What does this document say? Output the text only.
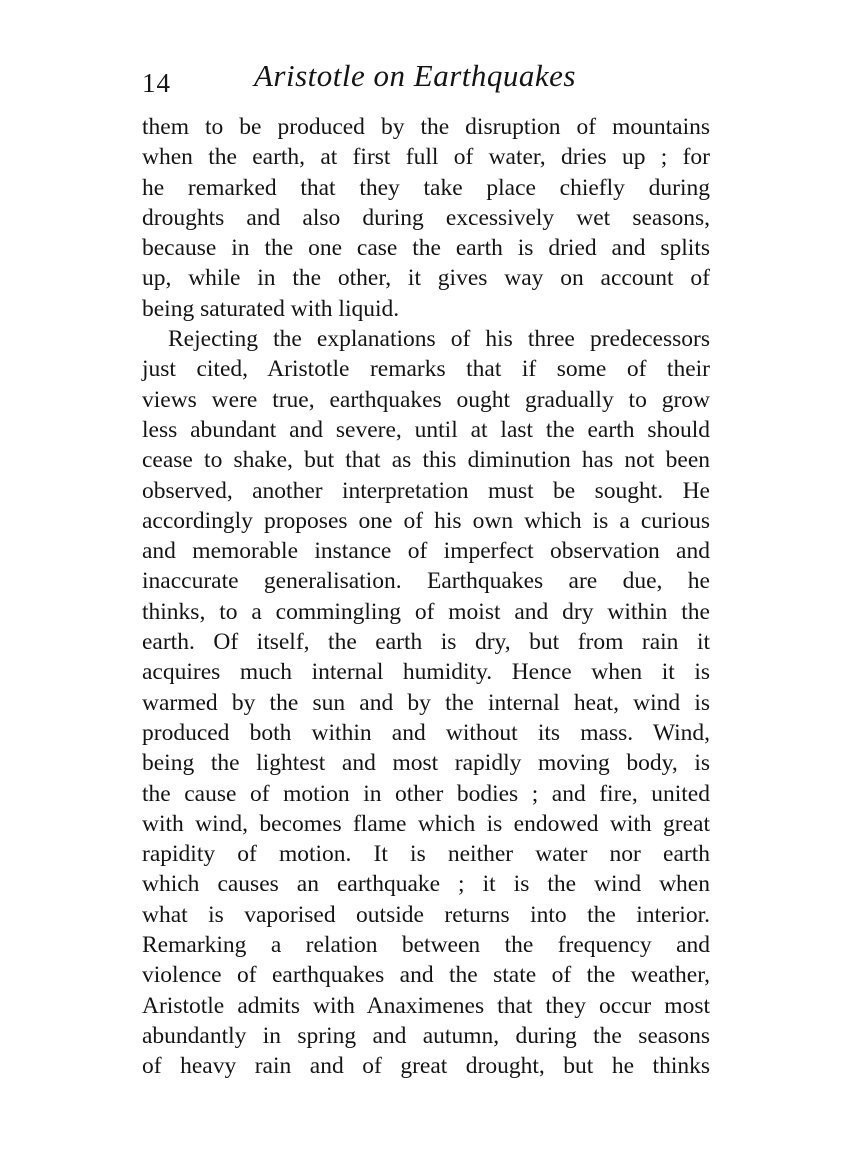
14	Aristotle on Earthquakes
them to be produced by the disruption of mountains
when the earth, at first full of water, dries up ; for
he remarked that they take place chiefly during
droughts and also during excessively wet seasons,
because in the one case the earth is dried and splits
up, while in the other, it gives way on account of
being saturated with liquid.
Rejecting the explanations of his three predecessors
just cited, Aristotle remarks that if some of their
views were true, earthquakes ought gradually to grow
less abundant and severe, until at last the earth should
cease to shake, but that as this diminution has not been
observed, another interpretation must be sought. He
accordingly proposes one of his own which is a curious
and memorable instance of imperfect observation and
inaccurate generalisation. Earthquakes are due, he
thinks, to a commingling of moist and dry within the
earth. Of itself, the earth is dry, but from rain it
acquires much internal humidity. Hence when it is
warmed by the sun and by the internal heat, wind is
produced both within and without its mass. Wind,
being the lightest and most rapidly moving body, is
the cause of motion in other bodies ; and fire, united
with wind, becomes flame which is endowed with great
rapidity of motion. It is neither water nor earth
which causes an earthquake ; it is the wind when
what is vaporised outside returns into the interior.
Remarking a relation between the frequency and
violence of earthquakes and the state of the weather,
Aristotle admits with Anaximenes that they occur most
abundantly in spring and autumn, during the seasons
of heavy rain and of great drought, but he thinks
